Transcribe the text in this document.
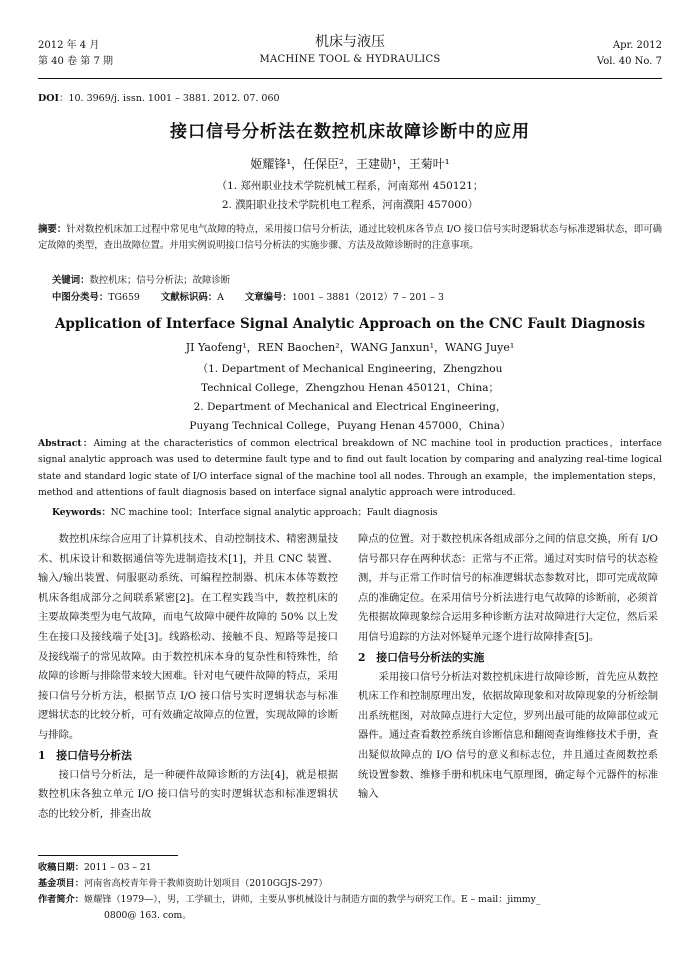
2012 年 4 月
第 40 卷 第 7 期
机床与液压
MACHINE TOOL & HYDRAULICS
Apr. 2012
Vol. 40 No. 7
DOI：10. 3969/j. issn. 1001 – 3881. 2012. 07. 060
接口信号分析法在数控机床故障诊断中的应用
姬耀锋¹，任保臣²，王建勋¹，王菊叶¹
（1. 郑州职业技术学院机械工程系，河南郑州 450121；
2. 濮阳职业技术学院机电工程系，河南濮阳 457000）
摘要：针对数控机床加工过程中常见电气故障的特点，采用接口信号分析法，通过比较机床各节点 I/O 接口信号实时逻辑状态与标准逻辑状态，即可确定故障的类型，查出故障位置。并用实例说明接口信号分析法的实施步骤、方法及故障诊断时的注意事项。
关键词：数控机床；信号分析法；故障诊断
中图分类号：TG659 文献标识码：A 文章编号：1001 – 3881（2012）7 – 201 – 3
Application of Interface Signal Analytic Approach on the CNC Fault Diagnosis
JI Yaofeng¹，REN Baochen²，WANG Janxun¹，WANG Juye¹
（1. Department of Mechanical Engineering，Zhengzhou
Technical College，Zhengzhou Henan 450121，China；
2. Department of Mechanical and Electrical Engineering，
Puyang Technical College，Puyang Henan 457000，China）
Abstract：Aiming at the characteristics of common electrical breakdown of NC machine tool in production practices，interface signal analytic approach was used to determine fault type and to find out fault location by comparing and analyzing real-time logical state and standard logic state of I/O interface signal of the machine tool all nodes. Through an example，the implementation steps，method and attentions of fault diagnosis based on interface signal analytic approach were introduced.
Keywords：NC machine tool；Interface signal analytic approach；Fault diagnosis

数控机床综合应用了计算机技术、自动控制技术、精密测量技术、机床设计和数据通信等先进制造技术[1]，并且 CNC 装置、输入/输出装置、伺服驱动系统、可编程控制器、机床本体等数控机床各组成部分之间联系紧密[2]。在工程实践当中，数控机床的主要故障类型为电气故障，而电气故障中硬件故障的 50% 以上发生在接口及接线端子处[3]。线路松动、接触不良、短路等是接口及接线端子的常见故障。由于数控机床本身的复杂性和特殊性，给故障的诊断与排除带来较大困难。针对电气硬件故障的特点，采用接口信号分析方法，根据节点 I/O 接口信号实时逻辑状态与标准逻辑状态的比较分析，可有效确定故障点的位置，实现故障的诊断与排除。

1　接口信号分析法

接口信号分析法，是一种硬件故障诊断的方法[4]，就是根据数控机床各独立单元 I/O 接口信号的实时逻辑状态和标准逻辑状态的比较分析，排查出故

障点的位置。对于数控机床各组成部分之间的信息交换，所有 I/O 信号都只存在两种状态：正常与不正常。通过对实时信号的状态检测，并与正常工作时信号的标准逻辑状态参数对比，即可完成故障点的准确定位。在采用信号分析法进行电气故障的诊断前，必须首先根据故障现象综合运用多种诊断方法对故障进行大定位，然后采用信号追踪的方法对怀疑单元逐个进行故障排查[5]。

2　接口信号分析法的实施

采用接口信号分析法对数控机床进行故障诊断，首先应从数控机床工作和控制原理出发，依据故障现象和对故障现象的分析绘制出系统框图，对故障点进行大定位，罗列出最可能的故障部位或元器件。通过查看数控系统自诊断信息和翻阅查询维修技术手册，查出疑似故障点的 I/O 信号的意义和标志位，并且通过查阅数控系统设置参数、维修手册和机床电气原理图，确定每个元器件的标准输入

收稿日期：2011 – 03 – 21
基金项目：河南省高校青年骨干教师资助计划项目（2010GGJS-297）
作者简介：姬耀锋（1979—），男，工学硕士，讲师，主要从事机械设计与制造方面的教学与研究工作。E – mail：jimmy_
0800@ 163. com。
